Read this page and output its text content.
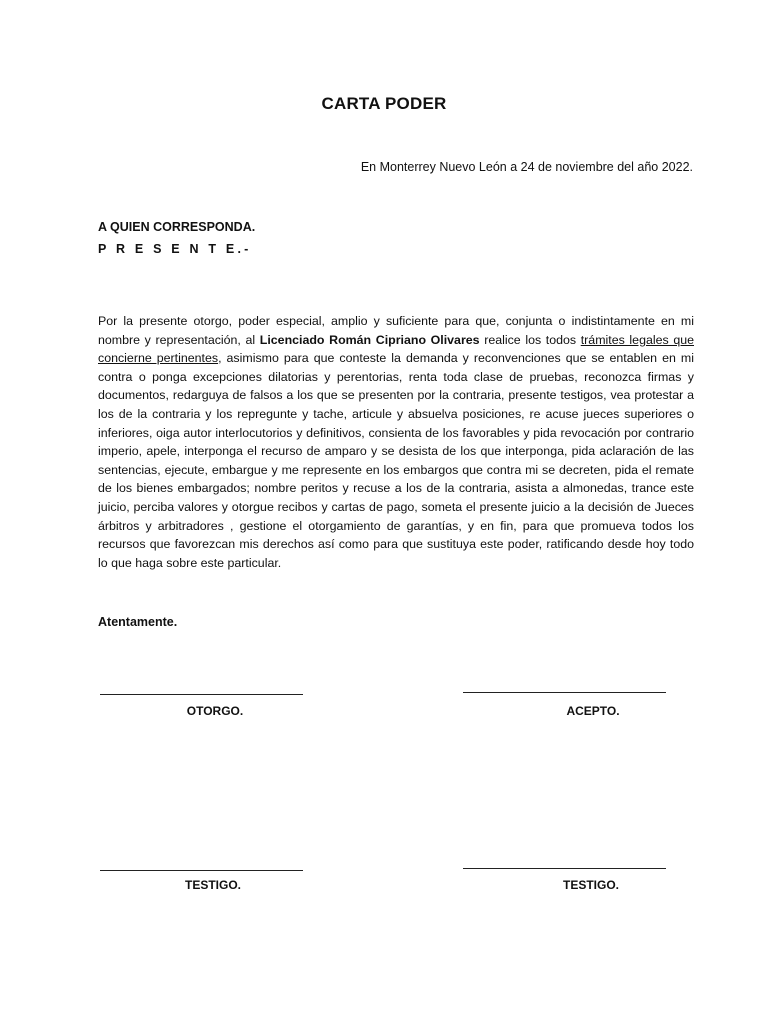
CARTA PODER
En Monterrey Nuevo León a 24 de noviembre del año 2022.
A QUIEN CORRESPONDA.
P R E S E N T E.-
Por la presente otorgo, poder especial, amplio y suficiente para que, conjunta o indistintamente en mi nombre y representación, al Licenciado Román Cipriano Olivares realice los todos trámites legales que concierne pertinentes, asimismo para que conteste la demanda y reconvenciones que se entablen en mi contra o ponga excepciones dilatorias y perentorias, renta toda clase de pruebas, reconozca firmas y documentos, redarguya de falsos a los que se presenten por la contraria, presente testigos, vea protestar a los de la contraria y los repregunte y tache, articule y absuelva posiciones, re acuse jueces superiores o inferiores, oiga autor interlocutorios y definitivos, consienta de los favorables y pida revocación por contrario imperio, apele, interponga el recurso de amparo y se desista de los que interponga, pida aclaración de las sentencias, ejecute, embargue y me represente en los embargos que contra mi se decreten, pida el remate de los bienes embargados; nombre peritos y recuse a los de la contraria, asista a almonedas, trance este juicio, perciba valores y otorgue recibos y cartas de pago, someta el presente juicio a la decisión de Jueces árbitros y arbitradores , gestione el otorgamiento de garantías, y en fin, para que promueva todos los recursos que favorezcan mis derechos así como para que sustituya este poder, ratificando desde hoy todo lo que haga sobre este particular.
Atentamente.
OTORGO.	ACEPTO.
TESTIGO.	TESTIGO.
